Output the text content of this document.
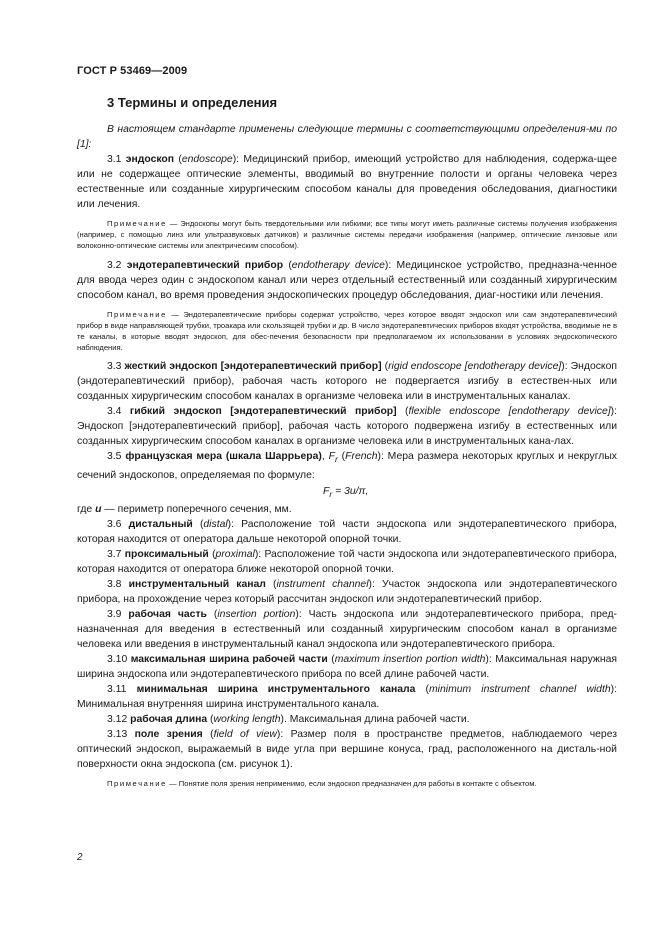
ГОСТ Р 53469—2009
3 Термины и определения

В настоящем стандарте применены следующие термины с соответствующими определения-ми по [1]:

3.1 эндоскоп (endoscope): Медицинский прибор, имеющий устройство для наблюдения, содержа-щее или не содержащее оптические элементы, вводимый во внутренние полости и органы человека через естественные или созданные хирургическим способом каналы для проведения обследования, диагностики или лечения.

Примечание — Эндоскопы могут быть твердотельными или гибкими; все типы могут иметь различные системы получения изображения (например, с помощью линз или ультразвуковых датчиков) и различные системы передачи изображения (например, оптические линзовые или волоконно-оптические системы или электрическим способом).

3.2 эндотерапевтический прибор (endotherapy device): Медицинское устройство, предназна-ченное для ввода через один с эндоскопом канал или через отдельный естественный или созданный хирургическим способом канал, во время проведения эндоскопических процедур обследования, диаг-ностики или лечения.

Примечание — Эндотерапевтические приборы содержат устройство, через которое вводят эндоскоп или сам эндотерапевтический прибор в виде направляющей трубки, троакара или скользящей трубки и др. В число эндотерапевтических приборов входят устройства, вводимые не в те каналы, в которые вводят эндоскоп, для обес-печения безопасности при предполагаемом их использовании в условиях эндоскопического наблюдения.

3.3 жесткий эндоскоп [эндотерапевтический прибор] (rigid endoscope [endotherapy device]): Эндоскоп (эндотерапевтический прибор), рабочая часть которого не подвергается изгибу в естествен-ных или созданных хирургическим способом каналах в организме человека или в инструментальных каналах.

3.4 гибкий эндоскоп [эндотерапевтический прибор] (flexible endoscope [endotherapy device]): Эндоскоп [эндотерапевтический прибор], рабочая часть которого подвержена изгибу в естественных или созданных хирургическим способом каналах в организме человека или в инструментальных кана-лах.

3.5 французская мера (шкала Шаррьера), $F_r$ (French): Мера размера некоторых круглых и некруглых сечений эндоскопов, определяемая по формуле:

$F_r = 3u/\pi$,

где u — периметр поперечного сечения, мм.

3.6 дистальный (distal): Расположение той части эндоскопа или эндотерапевтического прибора, которая находится от оператора дальше некоторой опорной точки.

3.7 проксимальный (proximal): Расположение той части эндоскопа или эндотерапевтического прибора, которая находится от оператора ближе некоторой опорной точки.

3.8 инструментальный канал (instrument channel): Участок эндоскопа или эндотерапевтического прибора, на прохождение через который рассчитан эндоскоп или эндотерапевтический прибор.

3.9 рабочая часть (insertion portion): Часть эндоскопа или эндотерапевтического прибора, пред-назначенная для введения в естественный или созданный хирургическим способом канал в организме человека или введения в инструментальный канал эндоскопа или эндотерапевтического прибора.

3.10 максимальная ширина рабочей части (maximum insertion portion width): Максимальная наружная ширина эндоскопа или эндотерапевтического прибора по всей длине рабочей части.

3.11 минимальная ширина инструментального канала (minimum instrument channel width): Минимальная внутренняя ширина инструментального канала.

3.12 рабочая длина (working length). Максимальная длина рабочей части.

3.13 поле зрения (field of view): Размер поля в пространстве предметов, наблюдаемого через оптический эндоскоп, выражаемый в виде угла при вершине конуса, град, расположенного на дисталь-ной поверхности окна эндоскопа (см. рисунок 1).

Примечание — Понятие поля зрения неприменимо, если эндоскоп предназначен для работы в контакте с объектом.

2
